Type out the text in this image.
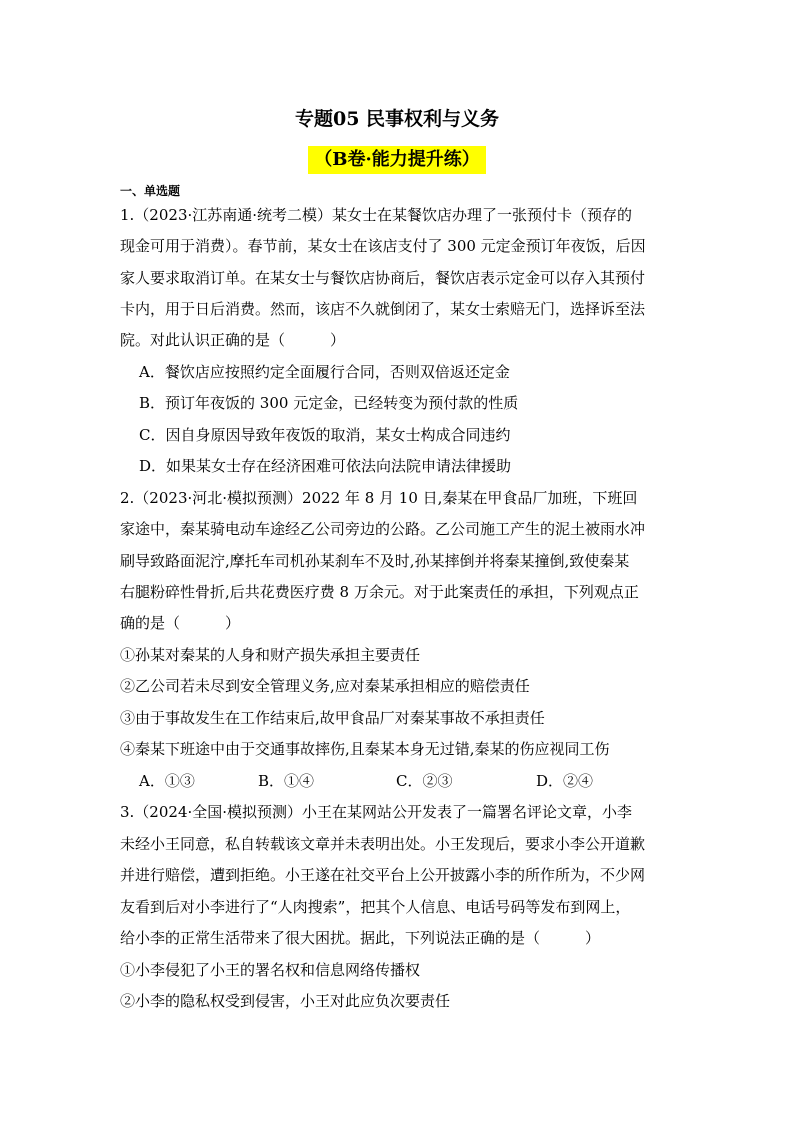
专题05 民事权利与义务
（B卷·能力提升练）
一、单选题
1.（2023·江苏南通·统考二模）某女士在某餐饮店办理了一张预付卡（预存的
现金可用于消费）。春节前，某女士在该店支付了 300 元定金预订年夜饭，后因
家人要求取消订单。在某女士与餐饮店协商后，餐饮店表示定金可以存入其预付
卡内，用于日后消费。然而，该店不久就倒闭了，某女士索赔无门，选择诉至法
院。对此认识正确的是（　　　）
A．餐饮店应按照约定全面履行合同，否则双倍返还定金
B．预订年夜饭的 300 元定金，已经转变为预付款的性质
C．因自身原因导致年夜饭的取消，某女士构成合同违约
D．如果某女士存在经济困难可依法向法院申请法律援助
2.（2023·河北·模拟预测）2022 年 8 月 10 日,秦某在甲食品厂加班，下班回
家途中，秦某骑电动车途经乙公司旁边的公路。乙公司施工产生的泥土被雨水冲
刷导致路面泥泞,摩托车司机孙某刹车不及时,孙某摔倒并将秦某撞倒,致使秦某
右腿粉碎性骨折,后共花费医疗费 8 万余元。对于此案责任的承担，下列观点正
确的是（　　　）
①孙某对秦某的人身和财产损失承担主要责任
②乙公司若未尽到安全管理义务,应对秦某承担相应的赔偿责任
③由于事故发生在工作结束后,故甲食品厂对秦某事故不承担责任
④秦某下班途中由于交通事故摔伤,且秦某本身无过错,秦某的伤应视同工伤
A．①③	B．①④	C．②③	D．②④
3.（2024·全国·模拟预测）小王在某网站公开发表了一篇署名评论文章，小李
未经小王同意，私自转载该文章并未表明出处。小王发现后，要求小李公开道歉
并进行赔偿，遭到拒绝。小王遂在社交平台上公开披露小李的所作所为，不少网
友看到后对小李进行了“人肉搜索”，把其个人信息、电话号码等发布到网上，
给小李的正常生活带来了很大困扰。据此，下列说法正确的是（　　　）
①小李侵犯了小王的署名权和信息网络传播权
②小李的隐私权受到侵害，小王对此应负次要责任
